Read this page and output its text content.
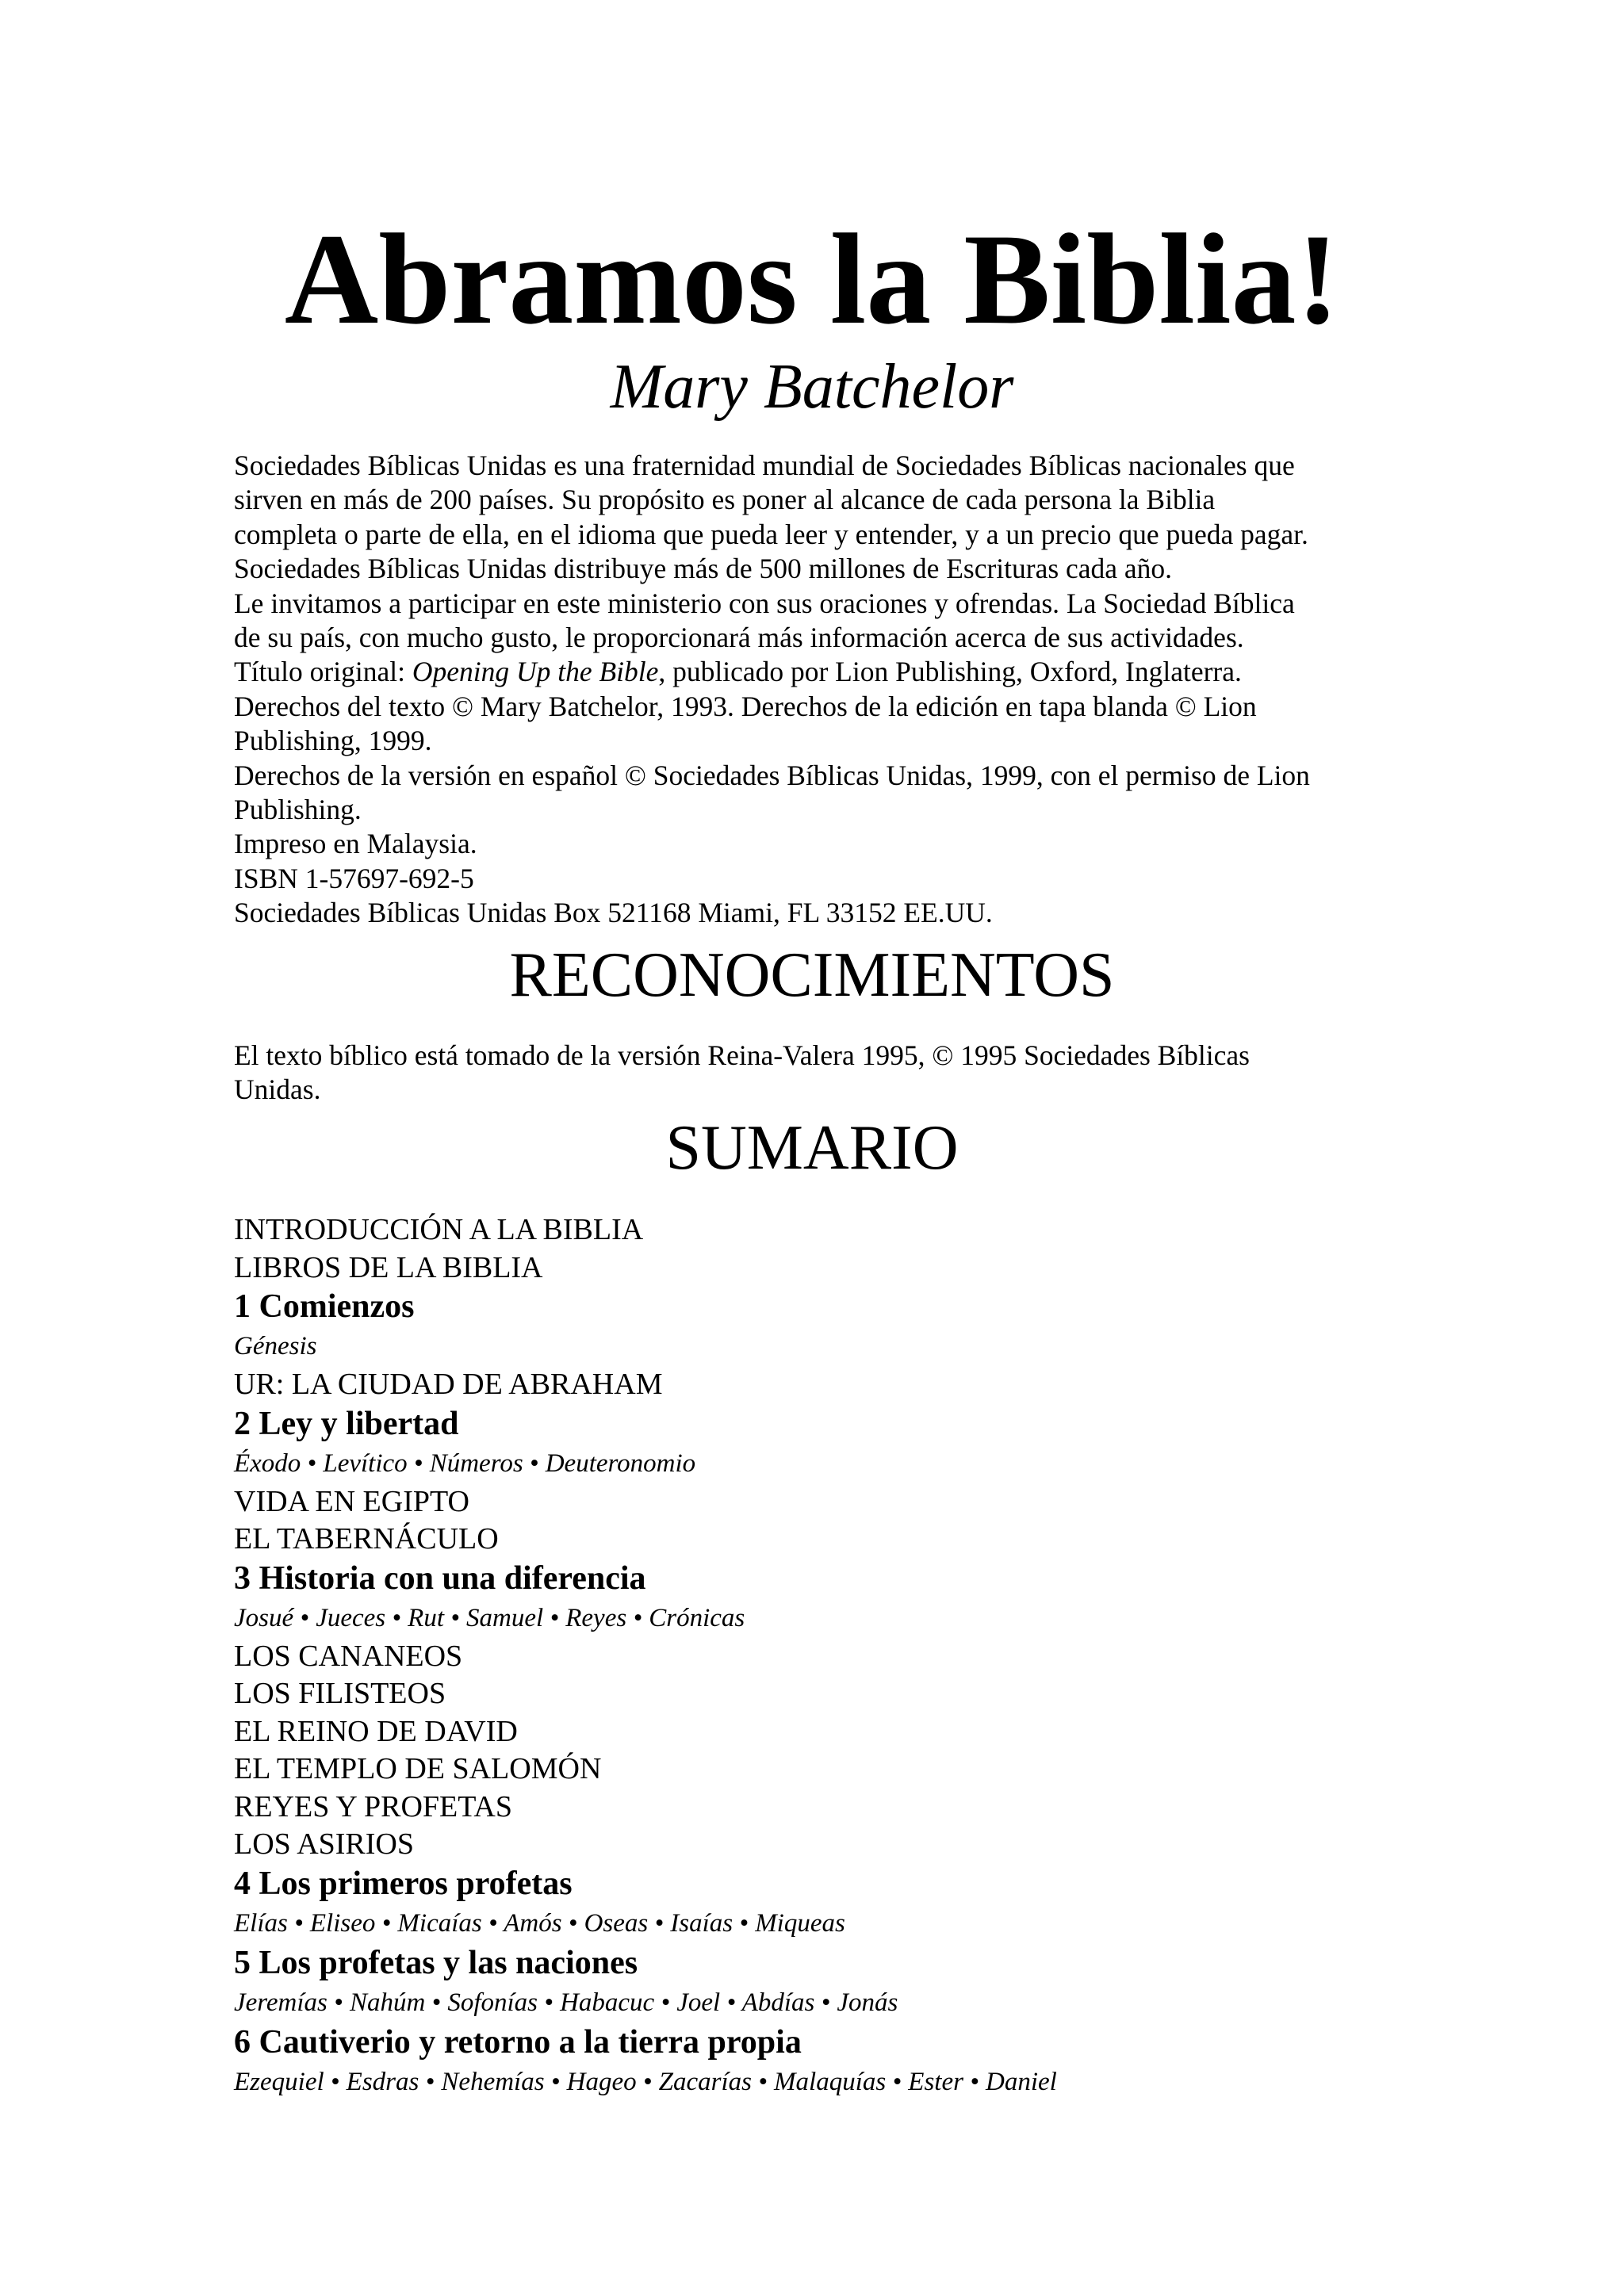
Abramos la Biblia!
Mary Batchelor

Sociedades Bíblicas Unidas es una fraternidad mundial de Sociedades Bíblicas nacionales que

sirven en más de 200 países. Su propósito es poner al alcance de cada persona la Biblia

completa o parte de ella, en el idioma que pueda leer y entender, y a un precio que pueda pagar.

Sociedades Bíblicas Unidas distribuye más de 500 millones de Escrituras cada año.

Le invitamos a participar en este ministerio con sus oraciones y ofrendas. La Sociedad Bíblica

de su país, con mucho gusto, le proporcionará más información acerca de sus actividades.

Título original: Opening Up the Bible, publicado por Lion Publishing, Oxford, Inglaterra.

Derechos del texto © Mary Batchelor, 1993. Derechos de la edición en tapa blanda © Lion

Publishing, 1999.

Derechos de la versión en español © Sociedades Bíblicas Unidas, 1999, con el permiso de Lion

Publishing.

Impreso en Malaysia.

ISBN 1-57697-692-5

Sociedades Bíblicas Unidas Box 521168 Miami, FL 33152 EE.UU.

RECONOCIMIENTOS

El texto bíblico está tomado de la versión Reina-Valera 1995, © 1995 Sociedades Bíblicas

Unidas.

SUMARIO
INTRODUCCIÓN A LA BIBLIA
LIBROS DE LA BIBLIA
1 Comienzos
Génesis
UR: LA CIUDAD DE ABRAHAM
2 Ley y libertad
Éxodo • Levítico • Números • Deuteronomio
VIDA EN EGIPTO
EL TABERNÁCULO
3 Historia con una diferencia
Josué • Jueces • Rut • Samuel • Reyes • Crónicas
LOS CANANEOS
LOS FILISTEOS
EL REINO DE DAVID
EL TEMPLO DE SALOMÓN
REYES Y PROFETAS
LOS ASIRIOS
4 Los primeros profetas
Elías • Eliseo • Micaías • Amós • Oseas • Isaías • Miqueas
5 Los profetas y las naciones
Jeremías • Nahúm • Sofonías • Habacuc • Joel • Abdías • Jonás
6 Cautiverio y retorno a la tierra propia
Ezequiel • Esdras • Nehemías • Hageo • Zacarías • Malaquías • Ester • Daniel
